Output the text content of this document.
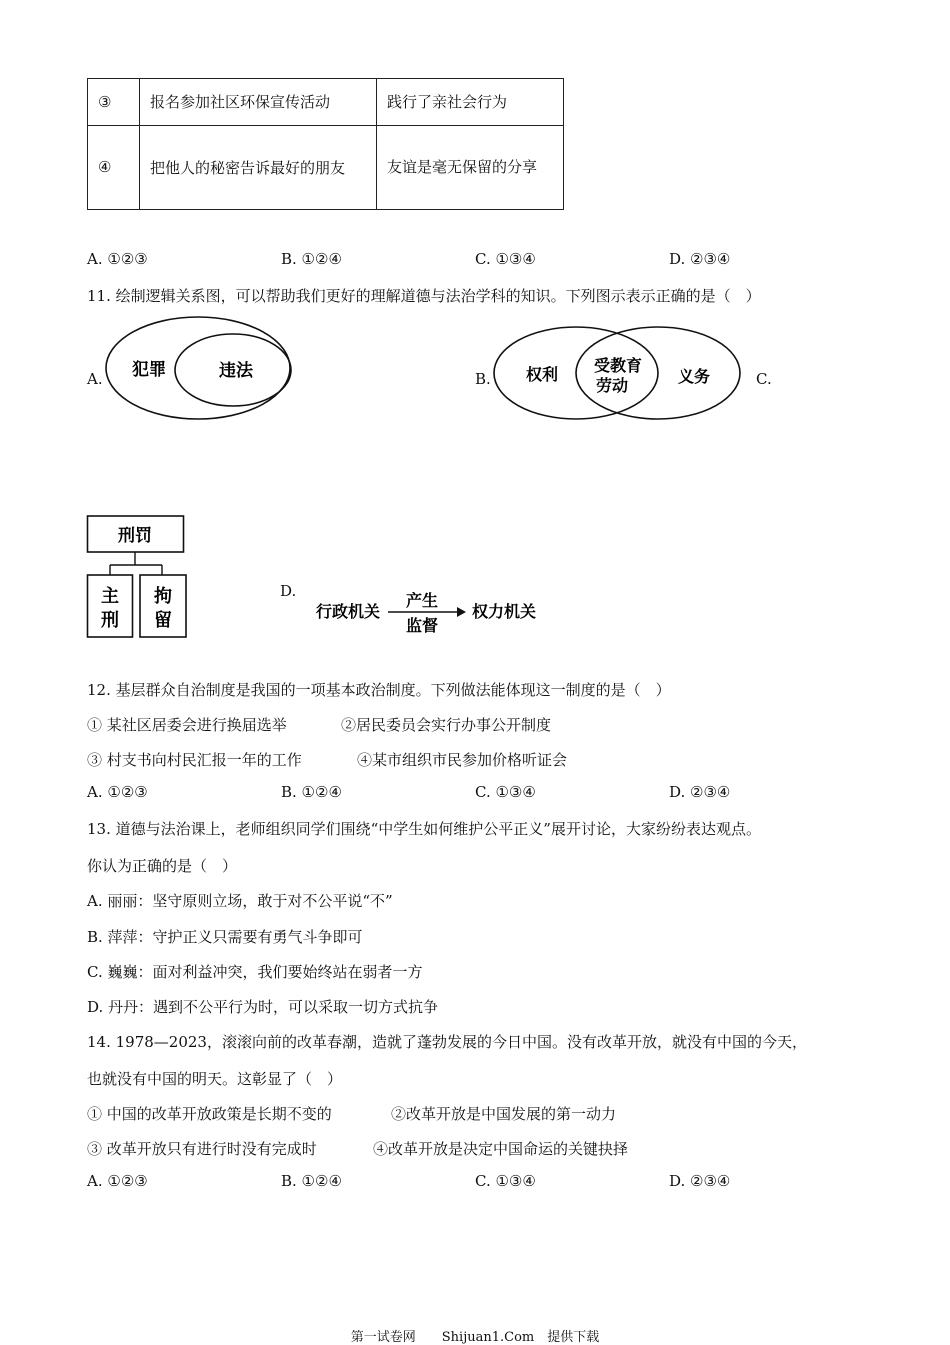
③	报名参加社区环保宣传活动	践行了亲社会行为
④	把他人的秘密告诉最好的朋友	友谊是毫无保留的分享
A. ①②③	B. ①②④	C. ①③④	D. ②③④
11. 绘制逻辑关系图，可以帮助我们更好的理解道德与法治学科的知识。下列图示表示正确的是（　）
A. 犯罪	违法	B. 权利 受教育
劳动	义务	C.
刑罚
主
刑
拘
留
D.
行政机关
产生
监督
权力机关
12. 基层群众自治制度是我国的一项基本政治制度。下列做法能体现这一制度的是（　）
① 某社区居委会进行换届选举	②居民委员会实行办事公开制度
③ 村支书向村民汇报一年的工作	④某市组织市民参加价格听证会
A. ①②③	B. ①②④	C. ①③④	D. ②③④
13. 道德与法治课上，老师组织同学们围绕“中学生如何维护公平正义”展开讨论，大家纷纷表达观点。
你认为正确的是（　）
A. 丽丽：坚守原则立场，敢于对不公平说“不”
B. 萍萍：守护正义只需要有勇气斗争即可
C. 巍巍：面对利益冲突，我们要始终站在弱者一方
D. 丹丹：遇到不公平行为时，可以采取一切方式抗争
14. 1978—2023，滚滚向前的改革春潮，造就了蓬勃发展的今日中国。没有改革开放，就没有中国的今天，
也就没有中国的明天。这彰显了（　）
① 中国的改革开放政策是长期不变的	②改革开放是中国发展的第一动力
③ 改革开放只有进行时没有完成时	④改革开放是决定中国命运的关键抉择
A. ①②③	B. ①②④	C. ①③④	D. ②③④
第一试卷网　　Shijuan1.Com　提供下载
